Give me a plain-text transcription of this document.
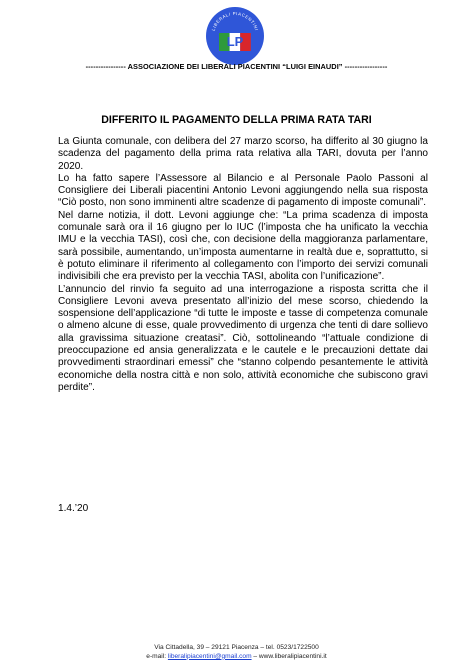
LP
LIBERALI PIACENTINI
---------------- ASSOCIAZIONE DEI LIBERALI PIACENTINI “LUIGI EINAUDI” -----------------
DIFFERITO IL PAGAMENTO DELLA PRIMA RATA TARI

La Giunta comunale, con delibera del 27 marzo scorso, ha differito al 30 giugno la scadenza del pagamento della prima rata relativa alla TARI, dovuta per l’anno 2020.

Lo ha fatto sapere l’Assessore al Bilancio e al Personale Paolo Passoni al Consigliere dei Liberali piacentini Antonio Levoni aggiungendo nella sua risposta “Ciò posto, non sono imminenti altre scadenze di pagamento di imposte comunali”.

Nel darne notizia, il dott. Levoni aggiunge che: “La prima scadenza di imposta comunale sarà ora il 16 giugno per lo IUC (l’imposta che ha unificato la vecchia IMU e la vecchia TASI), così che, con decisione della maggioranza parlamentare, sarà possibile, aumentando, un’imposta aumentarne in realtà due e, soprattutto, si è potuto eliminare il riferimento al collegamento con l’importo dei servizi comunali indivisibili che era previsto per la vecchia TASI, abolita con l’unificazione”.

L’annuncio del rinvio fa seguito ad una interrogazione a risposta scritta che il Consigliere Levoni aveva presentato all’inizio del mese scorso, chiedendo la sospensione dell’applicazione “di tutte le imposte e tasse di competenza comunale o almeno alcune di esse, quale provvedimento di urgenza che tenti di dare sollievo alla gravissima situazione creatasi”. Ciò, sottolineando “l’attuale condizione di preoccupazione ed ansia generalizzata e le cautele e le precauzioni dettate dai provvedimenti straordinari emessi” che “stanno colpendo pesantemente le attività economiche della nostra città e non solo, attività economiche che subiscono gravi perdite”.

1.4.’20
Via Cittadella, 39 – 29121 Piacenza – tel. 0523/1722500
e-mail: liberalipiacentini@gmail.com – www.liberalipiacentini.it
